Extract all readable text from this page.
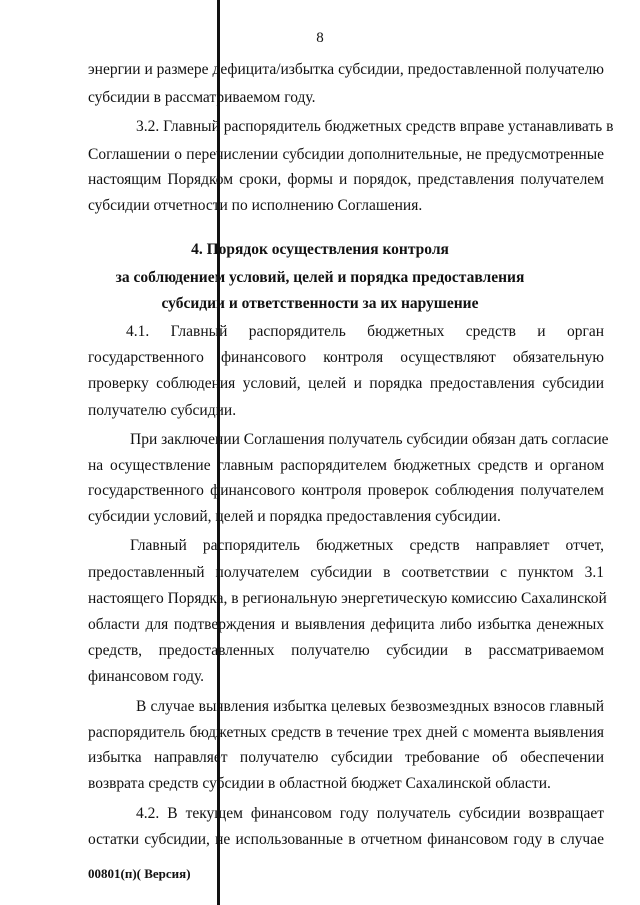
8
энергии и размере дефицита/избытка субсидии, предоставленной получателю
субсидии в рассматриваемом году.
3.2. Главный распорядитель бюджетных средств вправе устанавливать в
Соглашении о перечислении субсидии дополнительные, не предусмотренные
настоящим Порядком сроки, формы и порядок, представления получателем
субсидии отчетности по исполнению Соглашения.
4. Порядок осуществления контроля
за соблюдением условий, целей и порядка предоставления
субсидии и ответственности за их нарушение
4.1. Главный распорядитель бюджетных средств и орган
государственного финансового контроля осуществляют обязательную
проверку соблюдения условий, целей и порядка предоставления субсидии
получателю субсидии.
При заключении Соглашения получатель субсидии обязан дать согласие
на осуществление главным распорядителем бюджетных средств и органом
государственного финансового контроля проверок соблюдения получателем
субсидии условий, целей и порядка предоставления субсидии.
Главный распорядитель бюджетных средств направляет отчет,
предоставленный получателем субсидии в соответствии с пунктом 3.1
настоящего Порядка, в региональную энергетическую комиссию Сахалинской
области для подтверждения и выявления дефицита либо избытка денежных
средств, предоставленных получателю субсидии в рассматриваемом
финансовом году.
В случае выявления избытка целевых безвозмездных взносов главный
распорядитель бюджетных средств в течение трех дней с момента выявления
избытка направляет получателю субсидии требование об обеспечении
возврата средств субсидии в областной бюджет Сахалинской области.
4.2. В текущем финансовом году получатель субсидии возвращает
остатки субсидии, не использованные в отчетном финансовом году в случае
00801(п)( Версия)
